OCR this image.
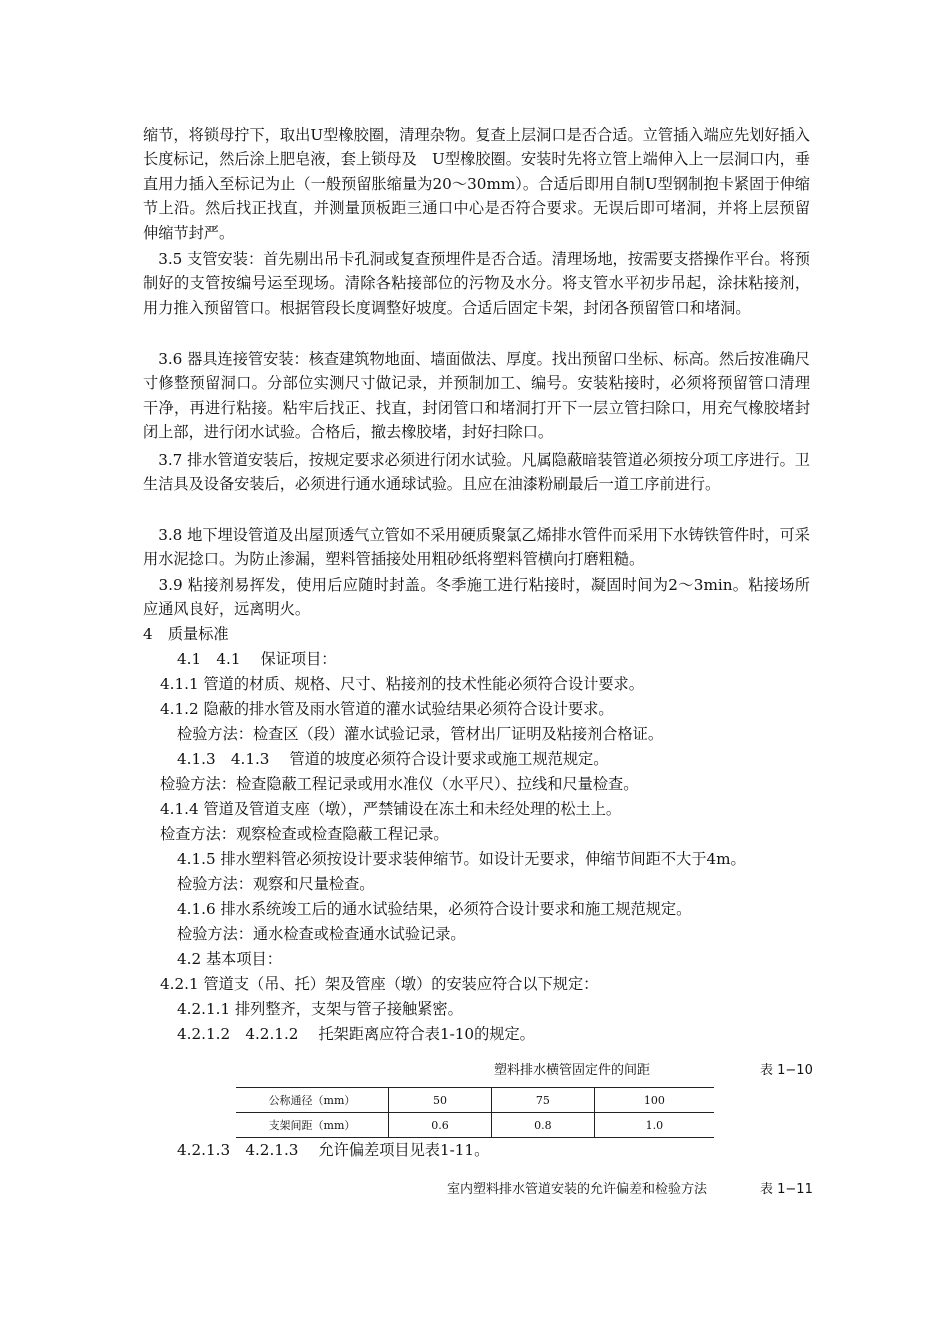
缩节，将锁母拧下，取出U型橡胶圈，清理杂物。复查上层洞口是否合适。立管插入端应先划好插入长度标记，然后涂上肥皂液，套上锁母及　U型橡胶圈。安装时先将立管上端伸入上一层洞口内，垂直用力插入至标记为止（一般预留胀缩量为20～30mm）。合适后即用自制U型钢制抱卡紧固于伸缩节上沿。然后找正找直，并测量顶板距三通口中心是否符合要求。无误后即可堵洞，并将上层预留伸缩节封严。

　3.5 支管安装：首先剔出吊卡孔洞或复查预埋件是否合适。清理场地，按需要支搭操作平台。将预制好的支管按编号运至现场。清除各粘接部位的污物及水分。将支管水平初步吊起，涂抹粘接剂，用力推入预留管口。根据管段长度调整好坡度。合适后固定卡架，封闭各预留管口和堵洞。

　3.6 器具连接管安装：核查建筑物地面、墙面做法、厚度。找出预留口坐标、标高。然后按准确尺寸修整预留洞口。分部位实测尺寸做记录，并预制加工、编号。安装粘接时，必须将预留管口清理干净，再进行粘接。粘牢后找正、找直，封闭管口和堵洞打开下一层立管扫除口，用充气橡胶堵封闭上部，进行闭水试验。合格后，撤去橡胶堵，封好扫除口。

　3.7 排水管道安装后，按规定要求必须进行闭水试验。凡属隐蔽暗装管道必须按分项工序进行。卫生洁具及设备安装后，必须进行通水通球试验。且应在油漆粉刷最后一道工序前进行。

　3.8 地下埋设管道及出屋顶透气立管如不采用硬质聚氯乙烯排水管件而采用下水铸铁管件时，可采用水泥捻口。为防止渗漏，塑料管插接处用粗砂纸将塑料管横向打磨粗糙。

　3.9 粘接剂易挥发，使用后应随时封盖。冬季施工进行粘接时，凝固时间为2～3min。粘接场所应通风良好，远离明火。

4　质量标准

4.1　4.1　 保证项目：

4.1.1 管道的材质、规格、尺寸、粘接剂的技术性能必须符合设计要求。

4.1.2 隐蔽的排水管及雨水管道的灌水试验结果必须符合设计要求。

检验方法：检查区（段）灌水试验记录，管材出厂证明及粘接剂合格证。

4.1.3　4.1.3　 管道的坡度必须符合设计要求或施工规范规定。

检验方法：检查隐蔽工程记录或用水准仪（水平尺）、拉线和尺量检查。

4.1.4 管道及管道支座（墩），严禁铺设在冻土和未经处理的松土上。

检查方法：观察检查或检查隐蔽工程记录。

4.1.5 排水塑料管必须按设计要求装伸缩节。如设计无要求，伸缩节间距不大于4m。

检验方法：观察和尺量检查。

4.1.6 排水系统竣工后的通水试验结果，必须符合设计要求和施工规范规定。

检验方法：通水检查或检查通水试验记录。

4.2 基本项目：

4.2.1 管道支（吊、托）架及管座（墩）的安装应符合以下规定：

4.2.1.1 排列整齐，支架与管子接触紧密。

4.2.1.2　4.2.1.2　 托架距离应符合表1-10的规定。

塑料排水横管固定件的间距	表 1−10
公称通径（mm）	50	75	100
支架间距（mm）	0.6	0.8	1.0

4.2.1.3　4.2.1.3　 允许偏差项目见表1-11。

室内塑料排水管道安装的允许偏差和检验方法	表 1−11
